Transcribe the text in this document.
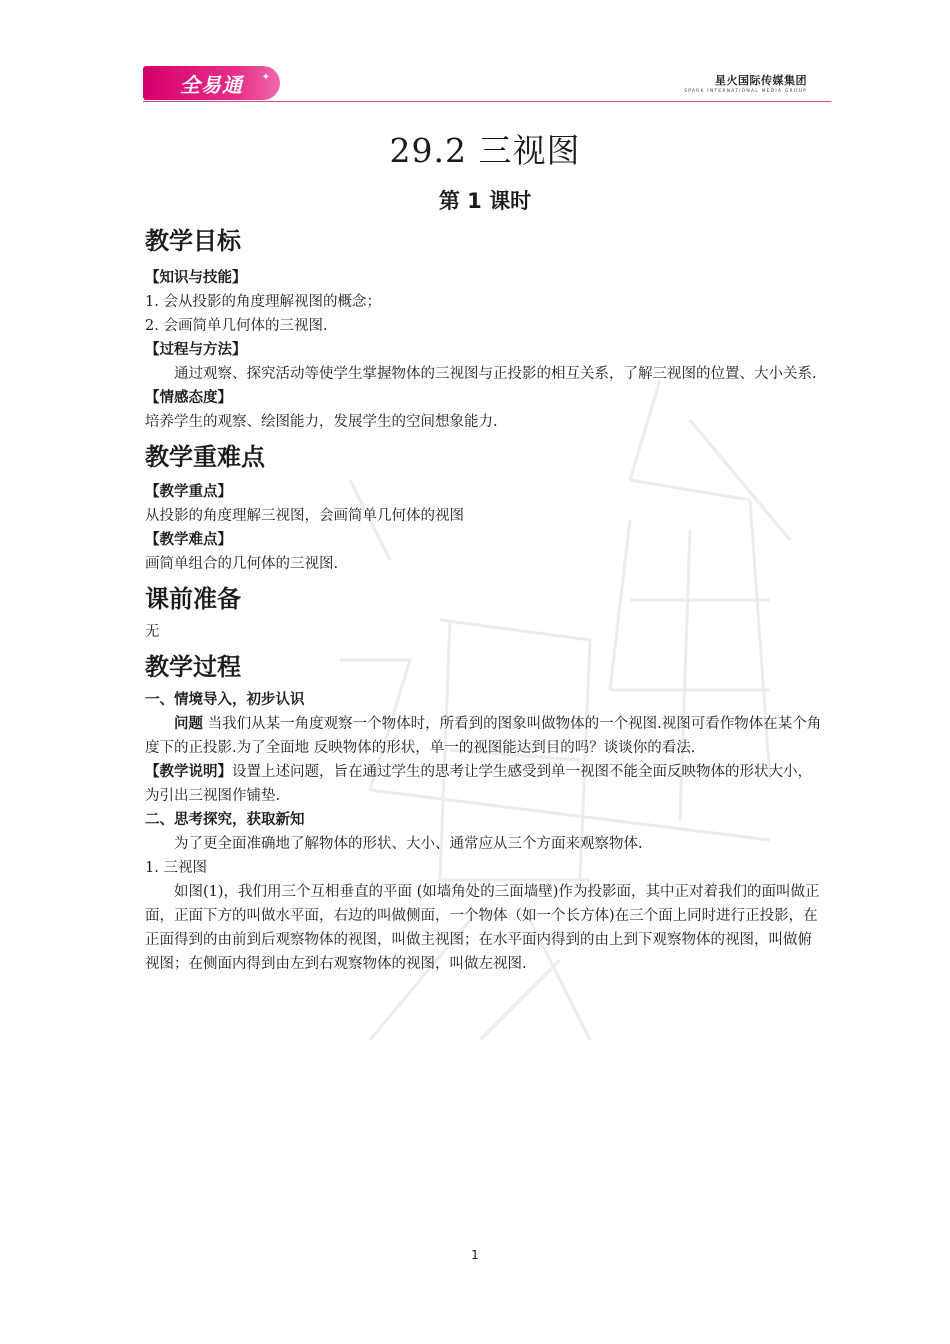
全易通 ✦	星火国际传媒集团
SPARK INTERNATIONAL MEDIA GROUP
29.2 三视图
第 1 课时
教学目标
【知识与技能】

1. 会从投影的角度理解视图的概念；

2. 会画简单几何体的三视图.

【过程与方法】

通过观察、探究活动等使学生掌握物体的三视图与正投影的相互关系，了解三视图的位置、大小关系.

【情感态度】

培养学生的观察、绘图能力，发展学生的空间想象能力.

教学重难点
【教学重点】

从投影的角度理解三视图，会画简单几何体的视图

【教学难点】

画简单组合的几何体的三视图.

课前准备

无

教学过程
一、情境导入，初步认识

问题 当我们从某一角度观察一个物体时，所看到的图象叫做物体的一个视图.视图可看作物体在某个角度下的正投影.为了全面地 反映物体的形状，单一的视图能达到目的吗？谈谈你的看法.

【教学说明】设置上述问题，旨在通过学生的思考让学生感受到单一视图不能全面反映物体的形状大小，为引出三视图作铺垫.

二、思考探究，获取新知

为了更全面准确地了解物体的形状、大小、通常应从三个方面来观察物体.

1. 三视图

如图(1)，我们用三个互相垂直的平面 (如墙角处的三面墙壁)作为投影面，其中正对着我们的面叫做正面，正面下方的叫做水平面，右边的叫做侧面，一个物体（如一个长方体)在三个面上同时进行正投影，在正面得到的由前到后观察物体的视图，叫做主视图；在水平面内得到的由上到下观察物体的视图，叫做俯视图；在侧面内得到由左到右观察物体的视图，叫做左视图.

1
